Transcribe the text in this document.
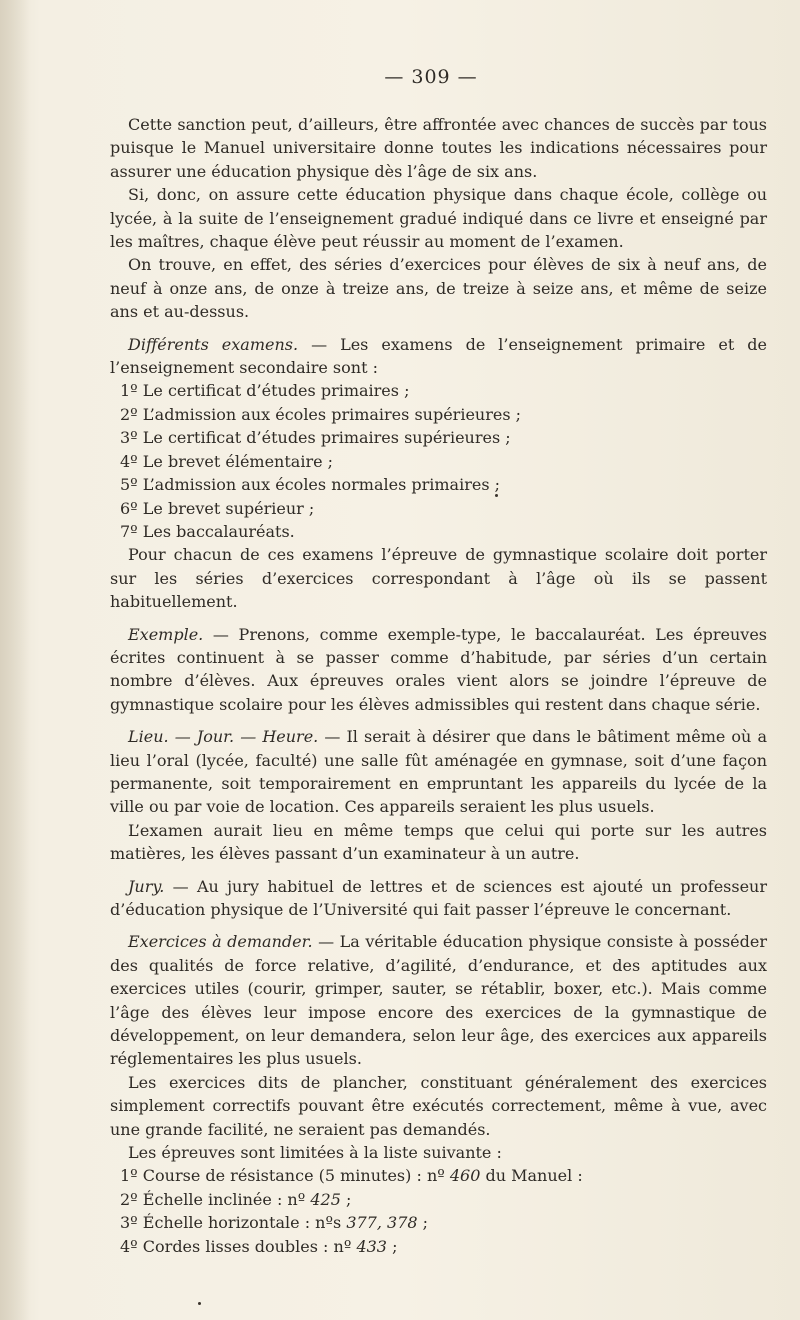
— 309 —

Cette sanction peut, d’ailleurs, être affrontée avec chances de succès par tous puisque le Manuel universitaire donne toutes les indications nécessaires pour assurer une éducation physique dès l’âge de six ans.

Si, donc, on assure cette éducation physique dans chaque école, collège ou lycée, à la suite de l’enseignement gradué indiqué dans ce livre et enseigné par les maîtres, chaque élève peut réussir au moment de l’examen.

On trouve, en effet, des séries d’exercices pour élèves de six à neuf ans, de neuf à onze ans, de onze à treize ans, de treize à seize ans, et même de seize ans et au-dessus.

Différents examens. — Les examens de l’enseignement primaire et de l’enseignement secondaire sont :

1º Le certificat d’études primaires ;

2º L’admission aux écoles primaires supérieures ;

3º Le certificat d’études primaires supérieures ;

4º Le brevet élémentaire ;

5º L’admission aux écoles normales primaires ;

6º Le brevet supérieur ;

7º Les baccalauréats.

Pour chacun de ces examens l’épreuve de gymnastique scolaire doit porter sur les séries d’exercices correspondant à l’âge où ils se passent habituellement.

Exemple. — Prenons, comme exemple-type, le baccalauréat. Les épreuves écrites continuent à se passer comme d’habitude, par séries d’un certain nombre d’élèves. Aux épreuves orales vient alors se joindre l’épreuve de gymnastique scolaire pour les élèves admissibles qui restent dans chaque série.

Lieu. — Jour. — Heure. — Il serait à désirer que dans le bâtiment même où a lieu l’oral (lycée, faculté) une salle fût aménagée en gymnase, soit d’une façon permanente, soit temporairement en empruntant les appareils du lycée de la ville ou par voie de location. Ces appareils seraient les plus usuels.

L’examen aurait lieu en même temps que celui qui porte sur les autres matières, les élèves passant d’un examinateur à un autre.

Jury. — Au jury habituel de lettres et de sciences est ajouté un professeur d’éducation physique de l’Université qui fait passer l’épreuve le concernant.

Exercices à demander. — La véritable éducation physique consiste à posséder des qualités de force relative, d’agilité, d’endurance, et des aptitudes aux exercices utiles (courir, grimper, sauter, se rétablir, boxer, etc.). Mais comme l’âge des élèves leur impose encore des exercices de la gymnastique de développement, on leur demandera, selon leur âge, des exercices aux appareils réglementaires les plus usuels.

Les exercices dits de plancher, constituant généralement des exercices simplement correctifs pouvant être exécutés correctement, même à vue, avec une grande facilité, ne seraient pas demandés.

Les épreuves sont limitées à la liste suivante :

1º Course de résistance (5 minutes) : nº 460 du Manuel :

2º Échelle inclinée : nº 425 ;

3º Échelle horizontale : nºs 377, 378 ;

4º Cordes lisses doubles : nº 433 ;
